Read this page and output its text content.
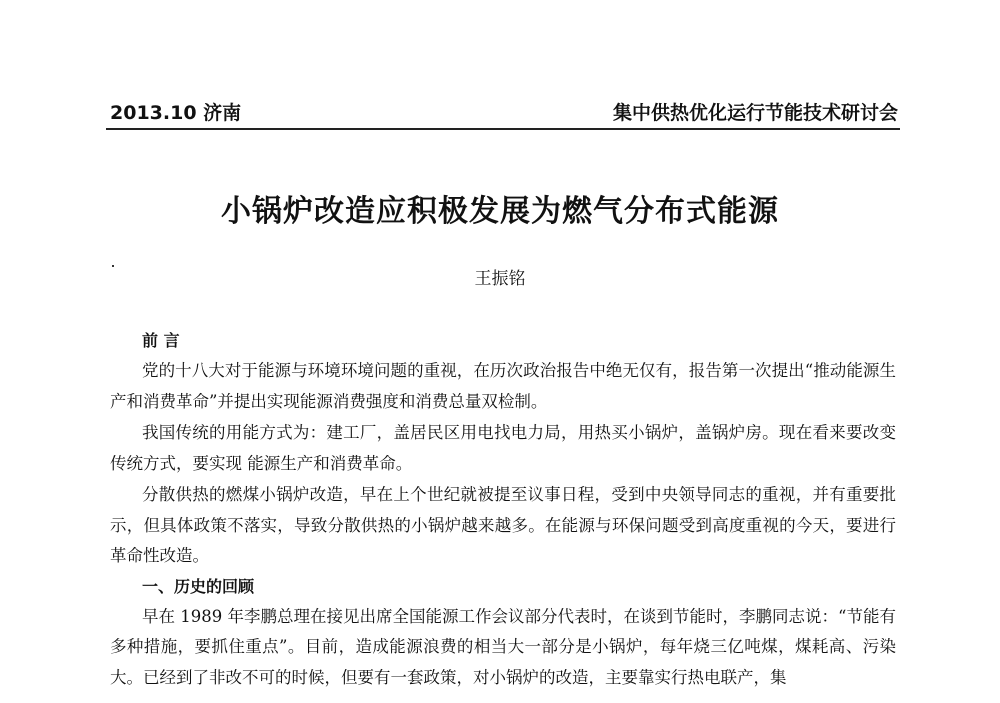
2013.10 济南	集中供热优化运行节能技术研讨会
小锅炉改造应积极发展为燃气分布式能源
王振铭
前 言

党的十八大对于能源与环境环境问题的重视，在历次政治报告中绝无仅有，报告第一次提出“推动能源生产和消费革命”并提出实现能源消费强度和消费总量双检制。

我国传统的用能方式为：建工厂，盖居民区用电找电力局，用热买小锅炉，盖锅炉房。现在看来要改变传统方式，要实现 能源生产和消费革命。

分散供热的燃煤小锅炉改造，早在上个世纪就被提至议事日程，受到中央领导同志的重视，并有重要批示，但具体政策不落实，导致分散供热的小锅炉越来越多。在能源与环保问题受到高度重视的今天，要进行革命性改造。

一、历史的回顾

早在 1989 年李鹏总理在接见出席全国能源工作会议部分代表时，在谈到节能时，李鹏同志说：“节能有多种措施，要抓住重点”。目前，造成能源浪费的相当大一部分是小锅炉，每年烧三亿吨煤，煤耗高、污染大。已经到了非改不可的时候，但要有一套政策，对小锅炉的改造，主要靠实行热电联产，集
